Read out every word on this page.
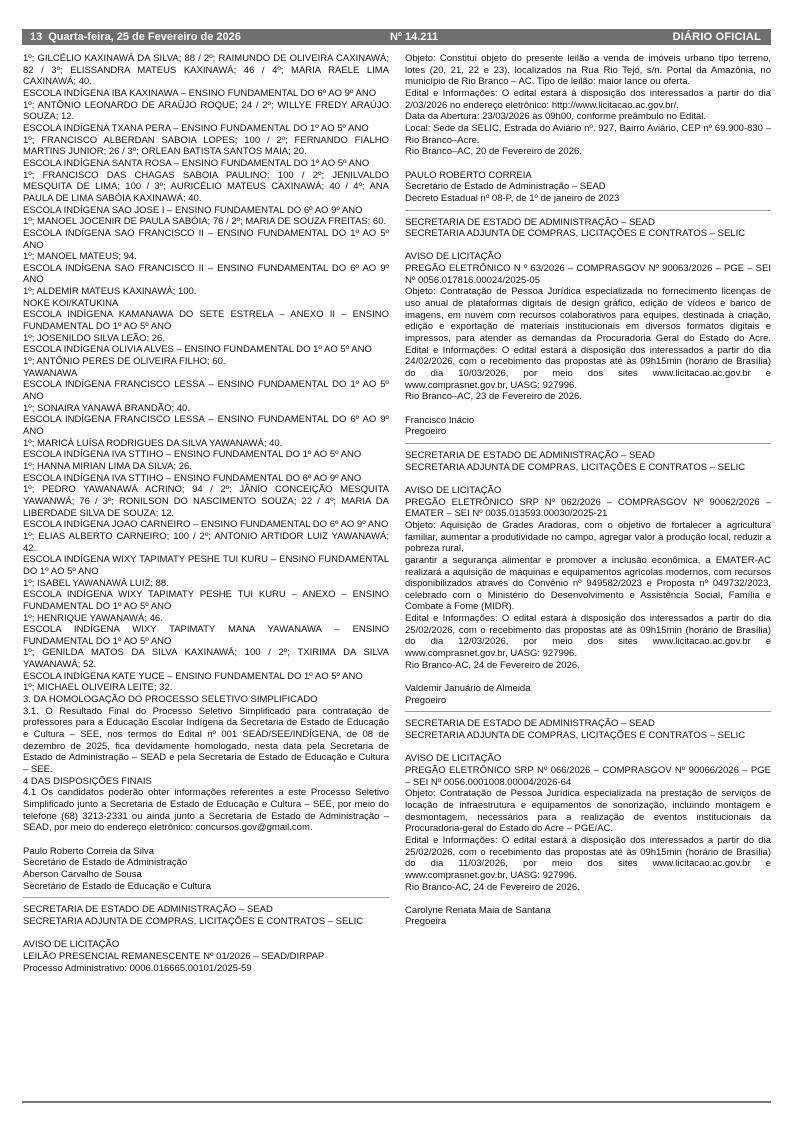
13 Quarta-feira, 25 de Fevereiro de 2026	Nº 14.211	DIÁRIO OFICIAL

1º; GILCÉLIO KAXINAWÁ DA SILVA; 88 / 2º; RAIMUNDO DE OLIVEIRA CAXINAWÁ; 82 / 3º; ELISSANDRA MATEUS KAXINAWÁ; 46 / 4º; MARIA RAELE LIMA CAXINAWÁ; 40.

ESCOLA INDÍGENA IBA KAXINAWA – ENSINO FUNDAMENTAL DO 6º AO 9º ANO

1º; ANTÔNIO LEONARDO DE ARAÚJO ROQUE; 24 / 2º; WILLYE FREDY ARAÚJO SOUZA; 12.

ESCOLA INDÍGENA TXANA PERA – ENSINO FUNDAMENTAL DO 1º AO 5º ANO

1º; FRANCISCO ALBERDAN SABOIA LOPES; 100 / 2º; FERNANDO FIALHO MARTINS JUNIOR; 26 / 3º; ORLEAN BATISTA SANTOS MAIA; 20.

ESCOLA INDÍGENA SANTA ROSA – ENSINO FUNDAMENTAL DO 1º AO 5º ANO

1º; FRANCISCO DAS CHAGAS SABOIA PAULINO; 100 / 2º; JENILVALDO MESQUITA DE LIMA; 100 / 3º; AURICÉLIO MATEUS CAXINAWÁ; 40 / 4º; ANA PAULA DE LIMA SABÓIA KAXINAWÁ; 40.

ESCOLA INDÍGENA SAO JOSE I – ENSINO FUNDAMENTAL DO 6º AO 9º ANO

1º; MANOEL JOCENIR DE PAULA SABÓIA; 76 / 2º; MARIA DE SOUZA FREITAS; 60.

ESCOLA INDÍGENA SAO FRANCISCO II – ENSINO FUNDAMENTAL DO 1º AO 5º ANO

1º; MANOEL MATEUS; 94.

ESCOLA INDÍGENA SAO FRANCISCO II – ENSINO FUNDAMENTAL DO 6º AO 9º ANO

1º; ALDEMIR MATEUS KAXINAWÁ; 100.

NOKE KOI/KATUKINA

ESCOLA INDÍGENA KAMANAWA DO SETE ESTRELA – ANEXO II – ENSINO FUNDAMENTAL DO 1º AO 5º ANO

1º; JOSENILDO SILVA LEÃO; 26.

ESCOLA INDÍGENA OLIVIA ALVES – ENSINO FUNDAMENTAL DO 1º AO 5º ANO

1º; ANTÔNIO PERES DE OLIVEIRA FILHO; 60.

YAWANAWA

ESCOLA INDÍGENA FRANCISCO LESSA – ENSINO FUNDAMENTAL DO 1º AO 5º ANO

1º; SONAIRA YANAWÁ BRANDÃO; 40.

ESCOLA INDÍGENA FRANCISCO LESSA – ENSINO FUNDAMENTAL DO 6º AO 9º ANO

1º; MARICÁ LUÍSA RODRIGUES DA SILVA YAWANAWÁ; 40.

ESCOLA INDÍGENA IVA STTIHO – ENSINO FUNDAMENTAL DO 1º AO 5º ANO

1º; HANNA MIRIAN LIMA DA SILVA; 26.

ESCOLA INDÍGENA IVA STTIHO – ENSINO FUNDAMENTAL DO 6º AO 9º ANO

1º; PEDRO YAWANAWÁ ACRINO; 94 / 2º; JÂNIO CONCEIÇÃO MESQUITA YAWANWÁ; 76 / 3º; RONILSON DO NASCIMENTO SOUZA; 22 / 4º; MARIA DA LIBERDADE SILVA DE SOUZA; 12.

ESCOLA INDÍGENA JOAO CARNEIRO – ENSINO FUNDAMENTAL DO 6º AO 9º ANO

1º; ELIAS ALBERTO CARNEIRO; 100 / 2º; ANTONIO ARTIDOR LUIZ YAWANAWÁ; 42.

ESCOLA INDÍGENA WIXY TAPIMATY PESHE TUI KURU – ENSINO FUNDAMENTAL DO 1º AO 5º ANO

1º; ISABEL YAWANAWÁ LUIZ; 88.

ESCOLA INDÍGENA WIXY TAPIMATY PESHE TUI KURU – ANEXO – ENSINO FUNDAMENTAL DO 1º AO 5º ANO

1º; HENRIQUE YAWANAWÁ; 46.

ESCOLA INDÍGENA WIXY TAPIMATY MANA YAWANAWA – ENSINO FUNDAMENTAL DO 1º AO 5º ANO

1º; GENILDA MATOS DA SILVA KAXINAWÁ; 100 / 2º; TXIRIMA DA SILVA YAWANAWÁ; 52.

ESCOLA INDÍGENA KATE YUCE – ENSINO FUNDAMENTAL DO 1º AO 5º ANO

1º; MICHAEL OLIVEIRA LEITE; 32.

3. DA HOMOLOGAÇÃO DO PROCESSO SELETIVO SIMPLIFICADO

3.1. O Resultado Final do Processo Seletivo Simplificado para contratação de professores para a Educação Escolar Indígena da Secretaria de Estado de Educação e Cultura – SEE, nos termos do Edital nº 001 SEAD/SEE/INDÍGENA, de 08 de dezembro de 2025, fica devidamente homologado, nesta data pela Secretaria de Estado de Administração – SEAD e pela Secretaria de Estado de Educação e Cultura – SEE.

4 DAS DISPOSIÇÕES FINAIS

4.1 Os candidatos poderão obter informações referentes a este Processo Seletivo Simplificado junto a Secretaria de Estado de Educação e Cultura – SEE, por meio do telefone (68) 3213-2331 ou ainda junto a Secretaria de Estado de Administração – SEAD, por meio do endereço eletrônico: concursos.gov@gmail.com.

Paulo Roberto Correia da Silva

Secretário de Estado de Administração

Aberson Carvalho de Sousa

Secretário de Estado de Educação e Cultura

SECRETARIA DE ESTADO DE ADMINISTRAÇÃO – SEAD

SECRETARIA ADJUNTA DE COMPRAS, LICITAÇÕES E CONTRATOS – SELIC

AVISO DE LICITAÇÃO

LEILÃO PRESENCIAL REMANESCENTE Nº 01/2026 – SEAD/DIRPAP

Processo Administrativo: 0006.016665.00101/2025-59

Objeto: Constitui objeto do presente leilão a venda de imóveis urbano tipo terreno, lotes (20, 21, 22 e 23), localizados na Rua Rio Tejó, s/n. Portal da Amazônia, no município de Rio Branco – AC. Tipo de leilão: maior lance ou oferta.

Edital e Informações: O edital estará à disposição dos interessados a partir do dia 2/03/2026 no endereço eletrônico: http://www.licitacao.ac.gov.br/.

Data da Abertura: 23/03/2026 às 09h00, conforme preâmbulo no Edital.

Local: Sede da SELIC, Estrada do Aviário nº. 927, Bairro Aviário, CEP nº 69.900-830 – Rio Branco–Acre.

Rio Branco–AC, 20 de Fevereiro de 2026.

PAULO ROBERTO CORREIA

Secretário de Estado de Administração – SEAD

Decreto Estadual nº 08-P, de 1º de janeiro de 2023

SECRETARIA DE ESTADO DE ADMINISTRAÇÃO – SEAD

SECRETARIA ADJUNTA DE COMPRAS, LICITAÇÕES E CONTRATOS – SELIC

AVISO DE LICITAÇÃO

PREGÃO ELETRÔNICO N º 63/2026 – COMPRASGOV Nº 90063/2026 – PGE – SEI Nº 0056.017816.00024/2025-05

Objeto: Contratação de Pessoa Jurídica especializada no fornecimento licenças de uso anual de plataformas digitais de design gráfico, edição de vídeos e banco de imagens, em nuvem com recursos colaborativos para equipes, destinada à criação, edição e exportação de materiais institucionais em diversos formatos digitais e impressos, para atender as demandas da Procuradoria Geral do Estado do Acre. Edital e Informações: O edital estará à disposição dos interessados a partir do dia 24/02/2026, com o recebimento das propostas até às 09h15min (horário de Brasília) do dia 10/03/2026, por meio dos sites www.licitacao.ac.gov.br e www.comprasnet.gov.br, UASG: 927996.

Rio Branco–AC, 23 de Fevereiro de 2026.

Francisco Inácio

Pregoeiro

SECRETARIA DE ESTADO DE ADMINISTRAÇÃO – SEAD

SECRETARIA ADJUNTA DE COMPRAS, LICITAÇÕES E CONTRATOS – SELIC

AVISO DE LICITAÇÃO

PREGÃO ELETRÔNICO SRP Nº 062/2026 – COMPRASGOV Nº 90062/2026 – EMATER – SEI Nº 0035.013593.00030/2025-21

Objeto: Aquisição de Grades Aradoras, com o objetivo de fortalecer a agricultura familiar, aumentar a produtividade no campo, agregar valor à produção local, reduzir a pobreza rural,

garantir a segurança alimentar e promover a inclusão econômica, a EMATER-AC realizará a aquisição de máquinas e equipamentos agrícolas modernos, com recursos disponibilizados através do Convênio nº 949582/2023 e Proposta nº 049732/2023, celebrado com o Ministério do Desenvolvimento e Assistência Social, Família e Combate à Fome (MIDR).

Edital e Informações: O edital estará à disposição dos interessados a partir do dia 25/02/2026, com o recebimento das propostas até às 09h15min (horário de Brasília) do dia 12/03/2026, por meio dos sites www.licitacao.ac.gov.br e www.comprasnet.gov.br, UASG: 927996.

Rio Branco-AC, 24 de Fevereiro de 2026.

Valdemir Januário de Almeida

Pregoeiro

SECRETARIA DE ESTADO DE ADMINISTRAÇÃO – SEAD

SECRETARIA ADJUNTA DE COMPRAS, LICITAÇÕES E CONTRATOS – SELIC

AVISO DE LICITAÇÃO

PREGÃO ELETRÔNICO SRP Nº 066/2026 – COMPRASGOV Nº 90066/2026 – PGE – SEI Nº 0056.0001008.00004/2026-64

Objeto: Contratação de Pessoa Jurídica especializada na prestação de serviços de locação de infraestrutura e equipamentos de sonorização, incluindo montagem e desmontagem, necessários para a realização de eventos institucionais da Procuradoria-geral do Estado do Acre – PGE/AC.

Edital e Informações: O edital estará à disposição dos interessados a partir do dia 25/02/2026, com o recebimento das propostas até às 09h15min (horário de Brasília) do dia 11/03/2026, por meio dos sites www.licitacao.ac.gov.br e www.comprasnet.gov.br, UASG: 927996.

Rio Branco-AC, 24 de Fevereiro de 2026.

Carolyne Renata Maia de Santana

Pregoeira
